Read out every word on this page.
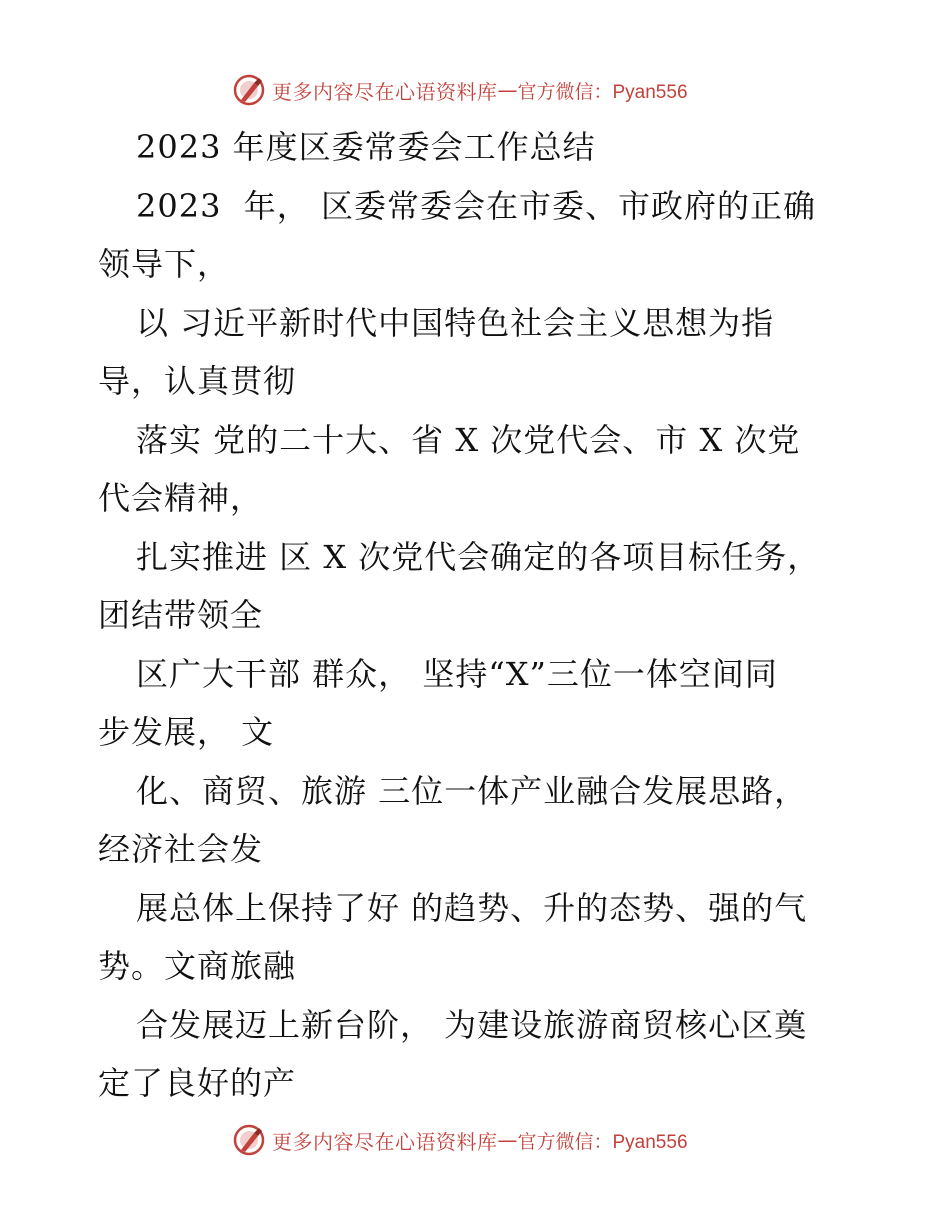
更多内容尽在心语资料库 — 官方微信：Pyan556
2023 年度区委常委会工作总结
2023  年， 区委常委会在市委、市政府的正确
领导下，
以 习近平新时代中国特色社会主义思想为指
导，认真贯彻
落实 党的二十大、省 X 次党代会、市 X 次党
代会精神，
扎实推进 区 X 次党代会确定的各项目标任务，
团结带领全
区广大干部 群众， 坚持“X”三位一体空间同
步发展， 文
化、商贸、旅游 三位一体产业融合发展思路，
经济社会发
展总体上保持了好 的趋势、升的态势、强的气
势。文商旅融
合发展迈上新台阶， 为建设旅游商贸核心区奠
定了良好的产
更多内容尽在心语资料库 — 官方微信：Pyan556
